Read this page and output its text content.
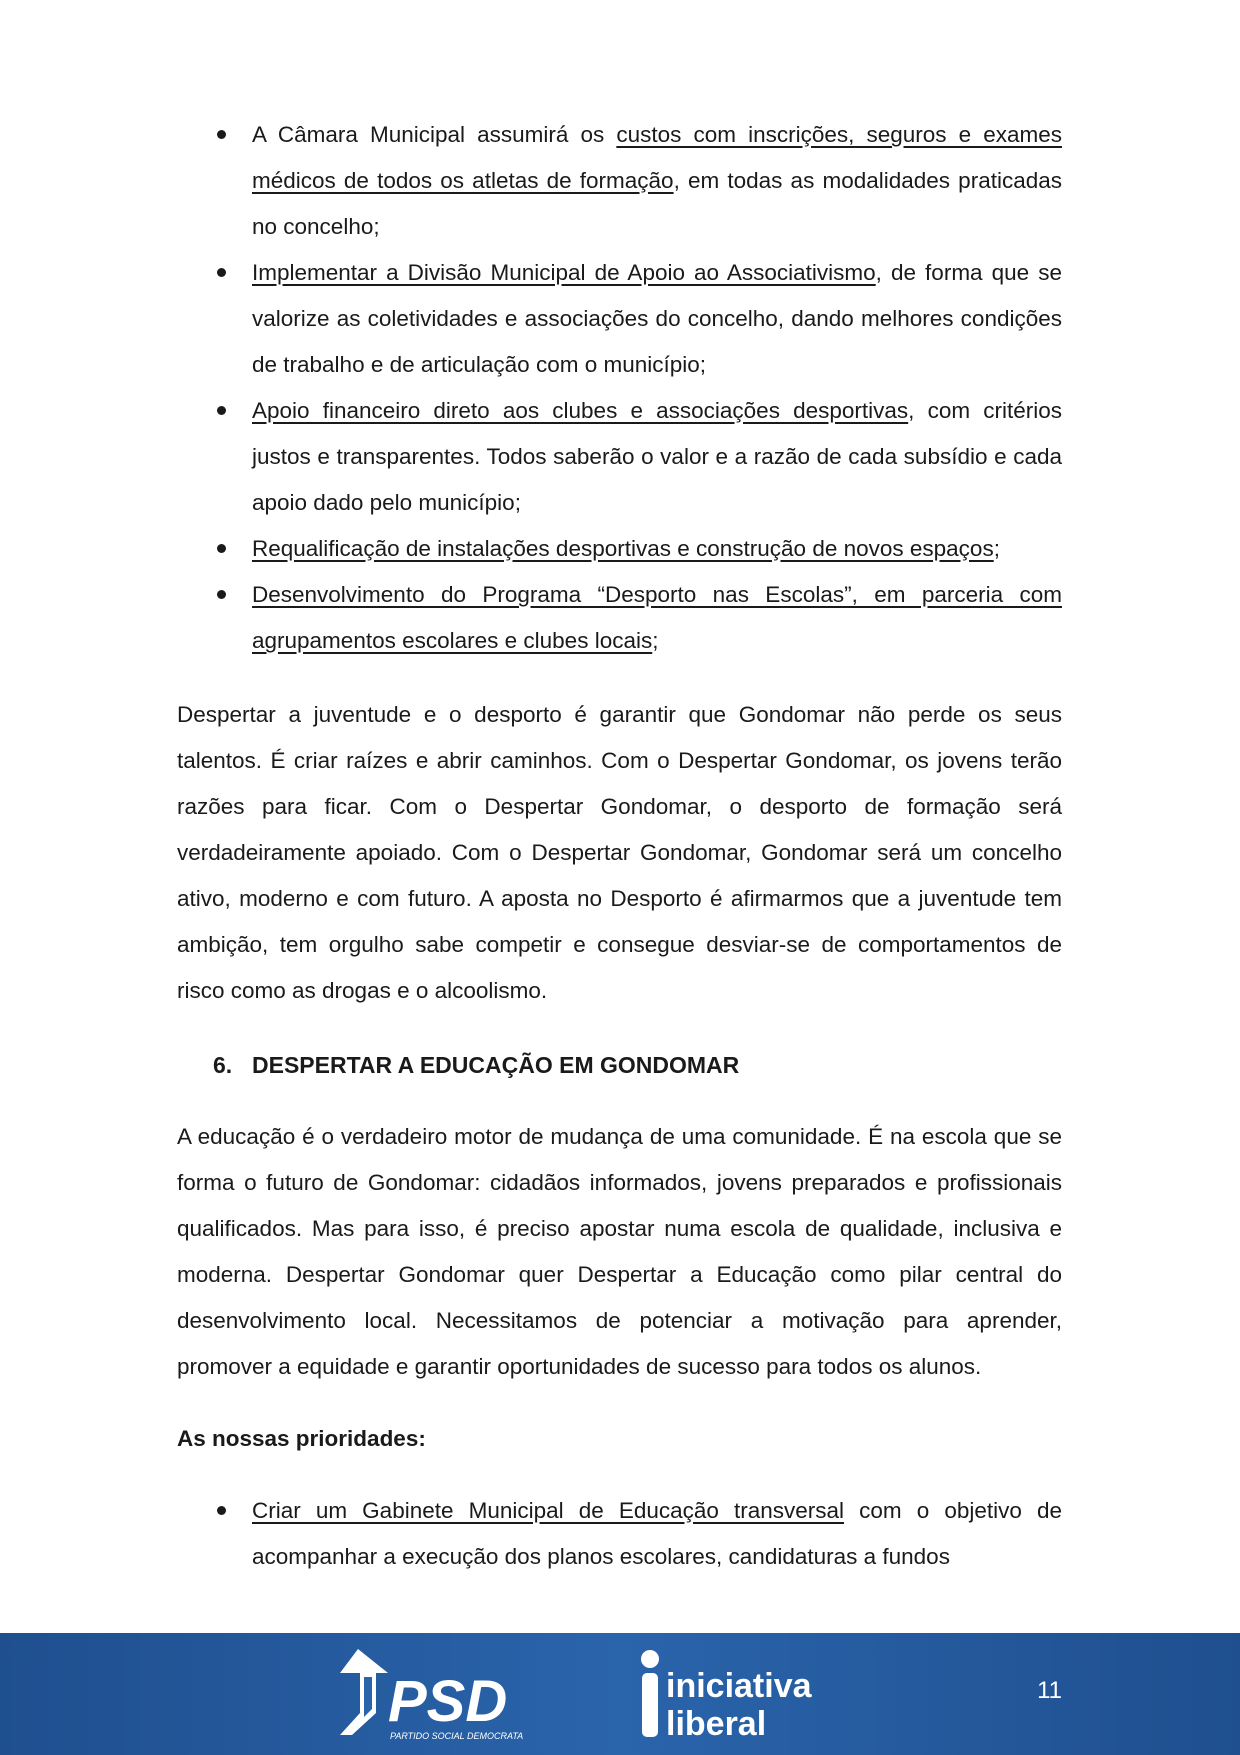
A Câmara Municipal assumirá os custos com inscrições, seguros e exames médicos de todos os atletas de formação, em todas as modalidades praticadas no concelho;
Implementar a Divisão Municipal de Apoio ao Associativismo, de forma que se valorize as coletividades e associações do concelho, dando melhores condições de trabalho e de articulação com o município;
Apoio financeiro direto aos clubes e associações desportivas, com critérios justos e transparentes. Todos saberão o valor e a razão de cada subsídio e cada apoio dado pelo município;
Requalificação de instalações desportivas e construção de novos espaços;
Desenvolvimento do Programa “Desporto nas Escolas”, em parceria com agrupamentos escolares e clubes locais;

Despertar a juventude e o desporto é garantir que Gondomar não perde os seus talentos. É criar raízes e abrir caminhos. Com o Despertar Gondomar, os jovens terão razões para ficar. Com o Despertar Gondomar, o desporto de formação será verdadeiramente apoiado. Com o Despertar Gondomar, Gondomar será um concelho ativo, moderno e com futuro. A aposta no Desporto é afirmarmos que a juventude tem ambição, tem orgulho sabe competir e consegue desviar-se de comportamentos de risco como as drogas e o alcoolismo.

6. DESPERTAR A EDUCAÇÃO EM GONDOMAR

A educação é o verdadeiro motor de mudança de uma comunidade. É na escola que se forma o futuro de Gondomar: cidadãos informados, jovens preparados e profissionais qualificados. Mas para isso, é preciso apostar numa escola de qualidade, inclusiva e moderna. Despertar Gondomar quer Despertar a Educação como pilar central do desenvolvimento local. Necessitamos de potenciar a motivação para aprender, promover a equidade e garantir oportunidades de sucesso para todos os alunos.

As nossas prioridades:

Criar um Gabinete Municipal de Educação transversal com o objetivo de acompanhar a execução dos planos escolares, candidaturas a fundos
PSD
PARTIDO SOCIAL DEMOCRATA
iniciativa
liberal
11
